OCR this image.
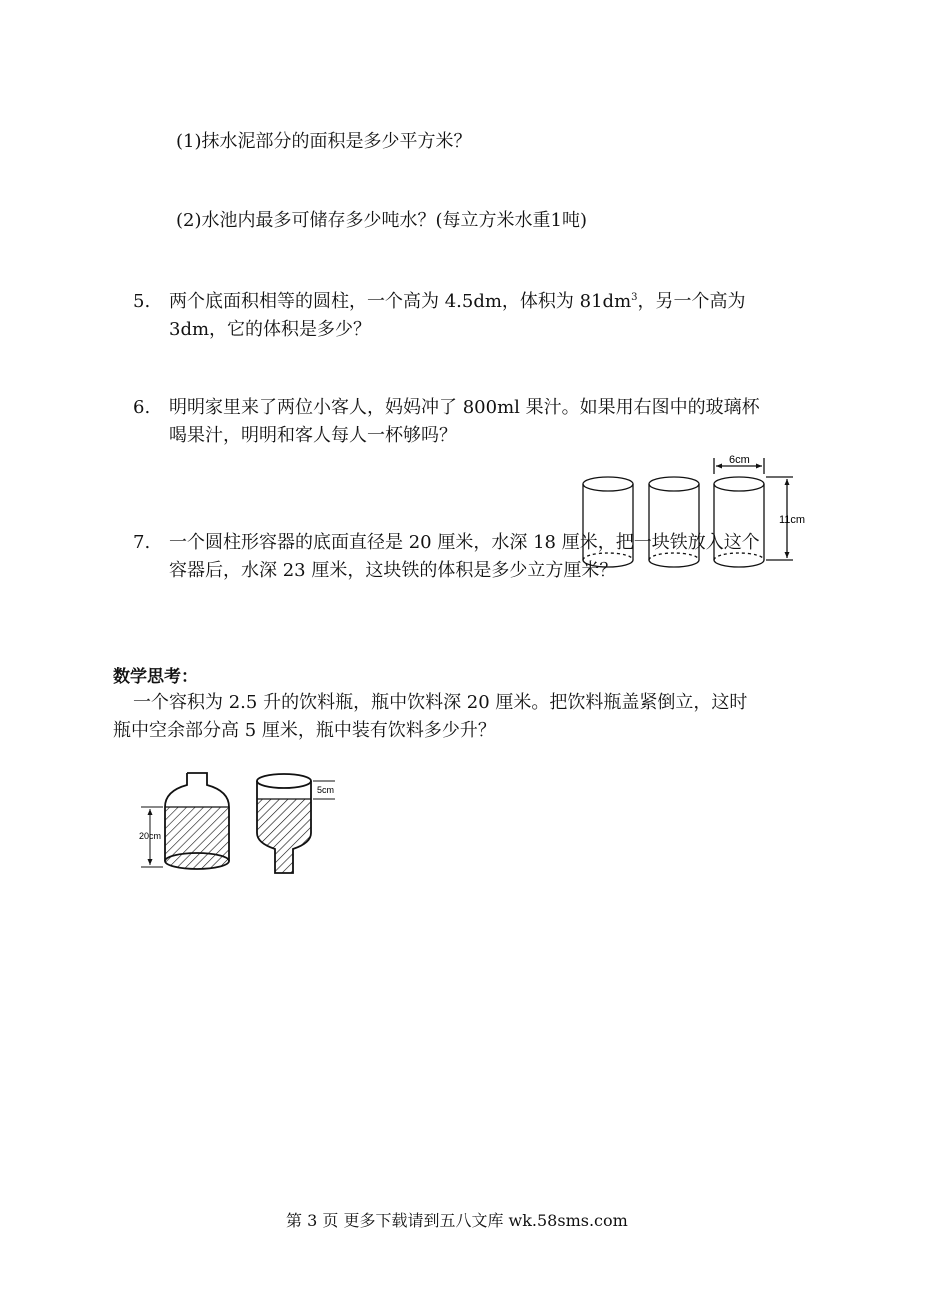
(1)抹水泥部分的面积是多少平方米？
(2)水池内最多可储存多少吨水？(每立方米水重1吨)
5. 两个底面积相等的圆柱，一个高为 4.5dm，体积为 $81dm^3$，另一个高为
3dm，它的体积是多少？
6. 明明家里来了两位小客人，妈妈冲了 800ml 果汁。如果用右图中的玻璃杯
喝果汁，明明和客人每人一杯够吗？
6cm
11cm
7. 一个圆柱形容器的底面直径是 20 厘米，水深 18 厘米，把一块铁放入这个
容器后，水深 23 厘米，这块铁的体积是多少立方厘米？
数学思考：
一个容积为 2.5 升的饮料瓶，瓶中饮料深 20 厘米。把饮料瓶盖紧倒立，这时
瓶中空余部分高 5 厘米，瓶中装有饮料多少升？
20cm
5cm
第 3 页 更多下载请到五八文库 wk.58sms.com
